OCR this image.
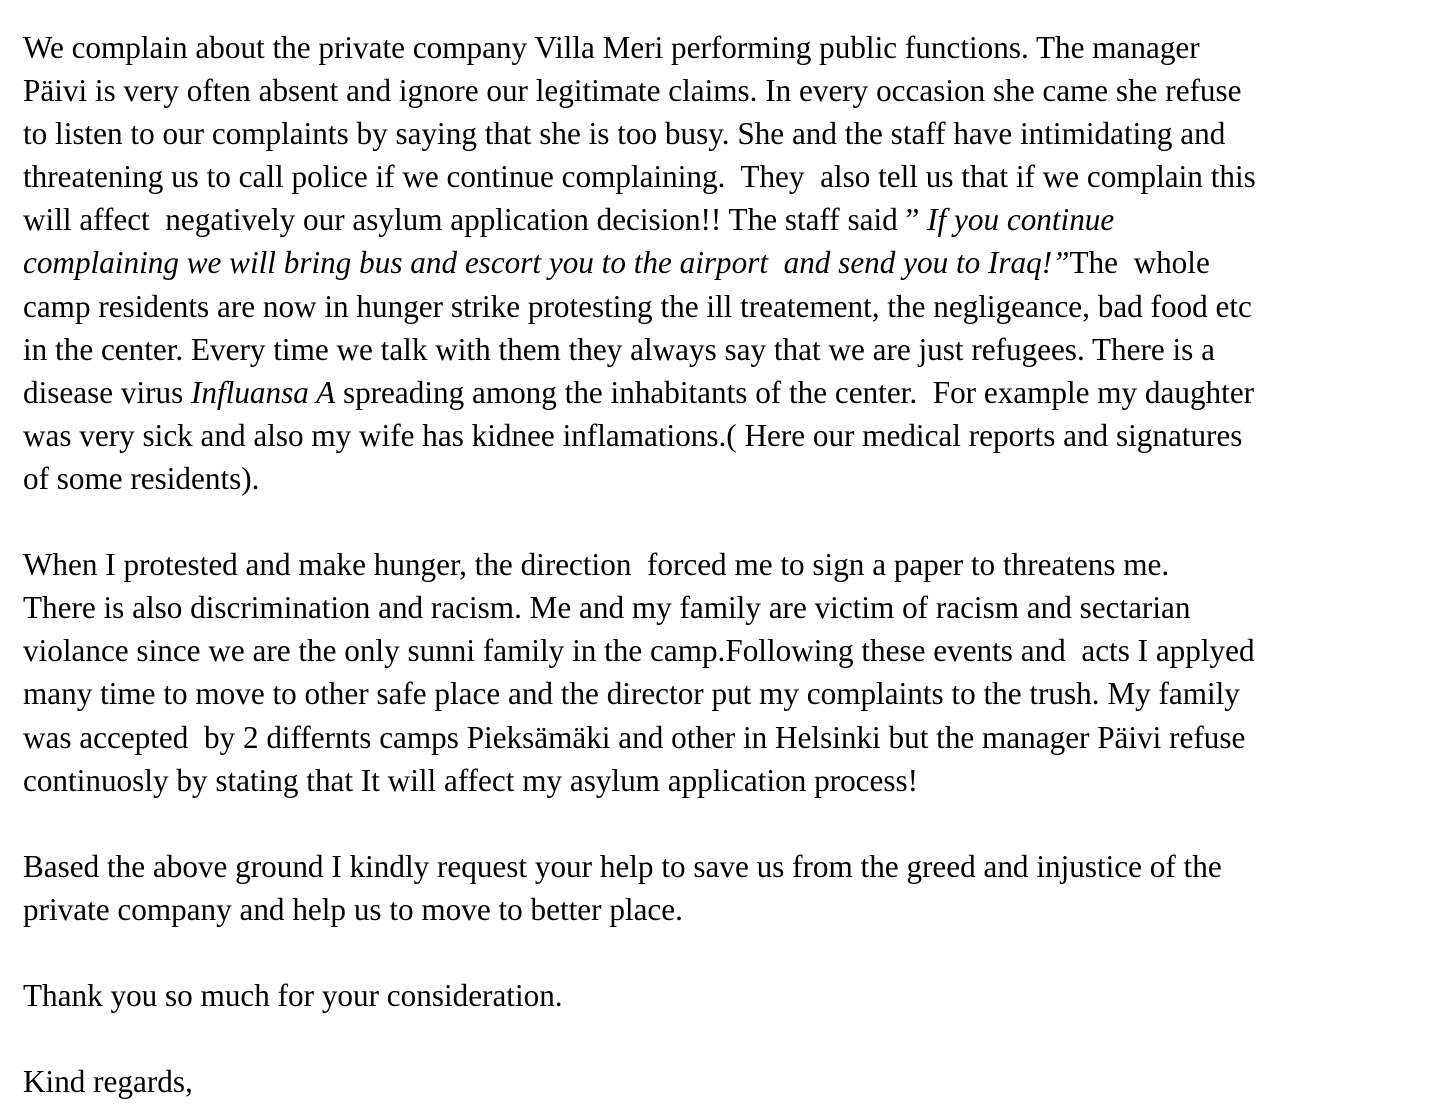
We complain about the private company Villa Meri performing public functions. The manager
Päivi is very often absent and ignore our legitimate claims. In every occasion she came she refuse
to listen to our complaints by saying that she is too busy. She and the staff have intimidating and
threatening us to call police if we continue complaining.  They  also tell us that if we complain this
will affect  negatively our asylum application decision!! The staff said ” If you continue
complaining we will bring bus and escort you to the airport  and send you to Iraq!”The  whole
camp residents are now in hunger strike protesting the ill treatement, the negligeance, bad food etc
in the center. Every time we talk with them they always say that we are just refugees. There is a
disease virus Influansa A spreading among the inhabitants of the center.  For example my daughter
was very sick and also my wife has kidnee inflamations.( Here our medical reports and signatures
of some residents).

When I protested and make hunger, the direction  forced me to sign a paper to threatens me.
There is also discrimination and racism. Me and my family are victim of racism and sectarian
violance since we are the only sunni family in the camp.Following these events and  acts I applyed
many time to move to other safe place and the director put my complaints to the trush. My family
was accepted  by 2 differnts camps Pieksämäki and other in Helsinki but the manager Päivi refuse
continuosly by stating that It will affect my asylum application process!

Based the above ground I kindly request your help to save us from the greed and injustice of the
private company and help us to move to better place.

Thank you so much for your consideration.

Kind regards,
